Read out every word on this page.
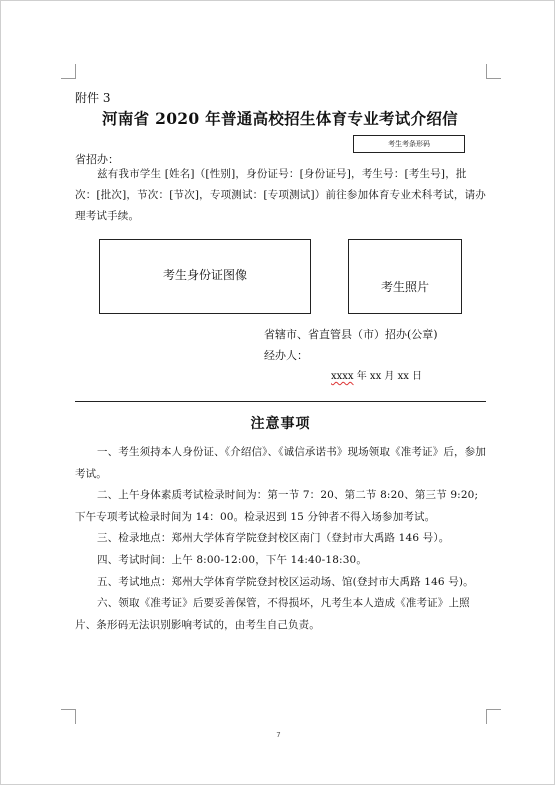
附件 3
河南省 2020 年普通高校招生体育专业考试介绍信
考生考条形码
省招办：
兹有我市学生 [姓名]（[性别]，身份证号：[身份证号]，考生号：[考生号]，批次：[批次]，节次：[节次]，专项测试：[专项测试]）前往参加体育专业术科考试，请办理考试手续。
考生身份证图像
考生照片
省辖市、省直管县（市）招办(公章)
经办人：
xxxx 年 xx 月 xx 日
注意事项

一、考生须持本人身份证、《介绍信》、《诚信承诺书》现场领取《准考证》后，参加考试。

二、上午身体素质考试检录时间为：第一节 7：20、第二节 8:20、第三节 9:20;下午专项考试检录时间为 14：00。检录迟到 15 分钟者不得入场参加考试。

三、检录地点：郑州大学体育学院登封校区南门（登封市大禹路 146 号）。

四、考试时间：上午 8:00-12:00，下午 14:40-18:30。

五、考试地点：郑州大学体育学院登封校区运动场、馆(登封市大禹路 146 号)。

六、领取《准考证》后要妥善保管，不得损坏，凡考生本人造成《准考证》上照片、条形码无法识别影响考试的，由考生自己负责。

7
